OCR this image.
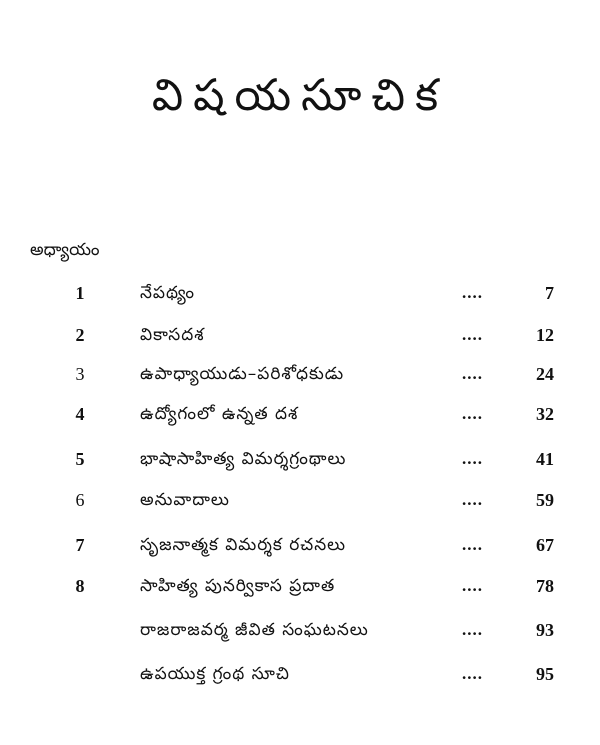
విషయసూచిక
అధ్యాయం
1	నేపథ్యం	....	7
2	వికాసదశ	....	12
3	ఉపాధ్యాయుడు–పరిశోధకుడు	....	24
4	ఉద్యోగంలో ఉన్నత దశ	....	32
5	భాషాసాహిత్య విమర్శగ్రంథాలు	....	41
6	అనువాదాలు	....	59
7	సృజనాత్మక విమర్శక రచనలు	....	67
8	సాహిత్య పునర్వికాస ప్రదాత	....	78
రాజరాజవర్మ జీవిత సంఘటనలు	....	93
ఉపయుక్త గ్రంథ సూచి	....	95
